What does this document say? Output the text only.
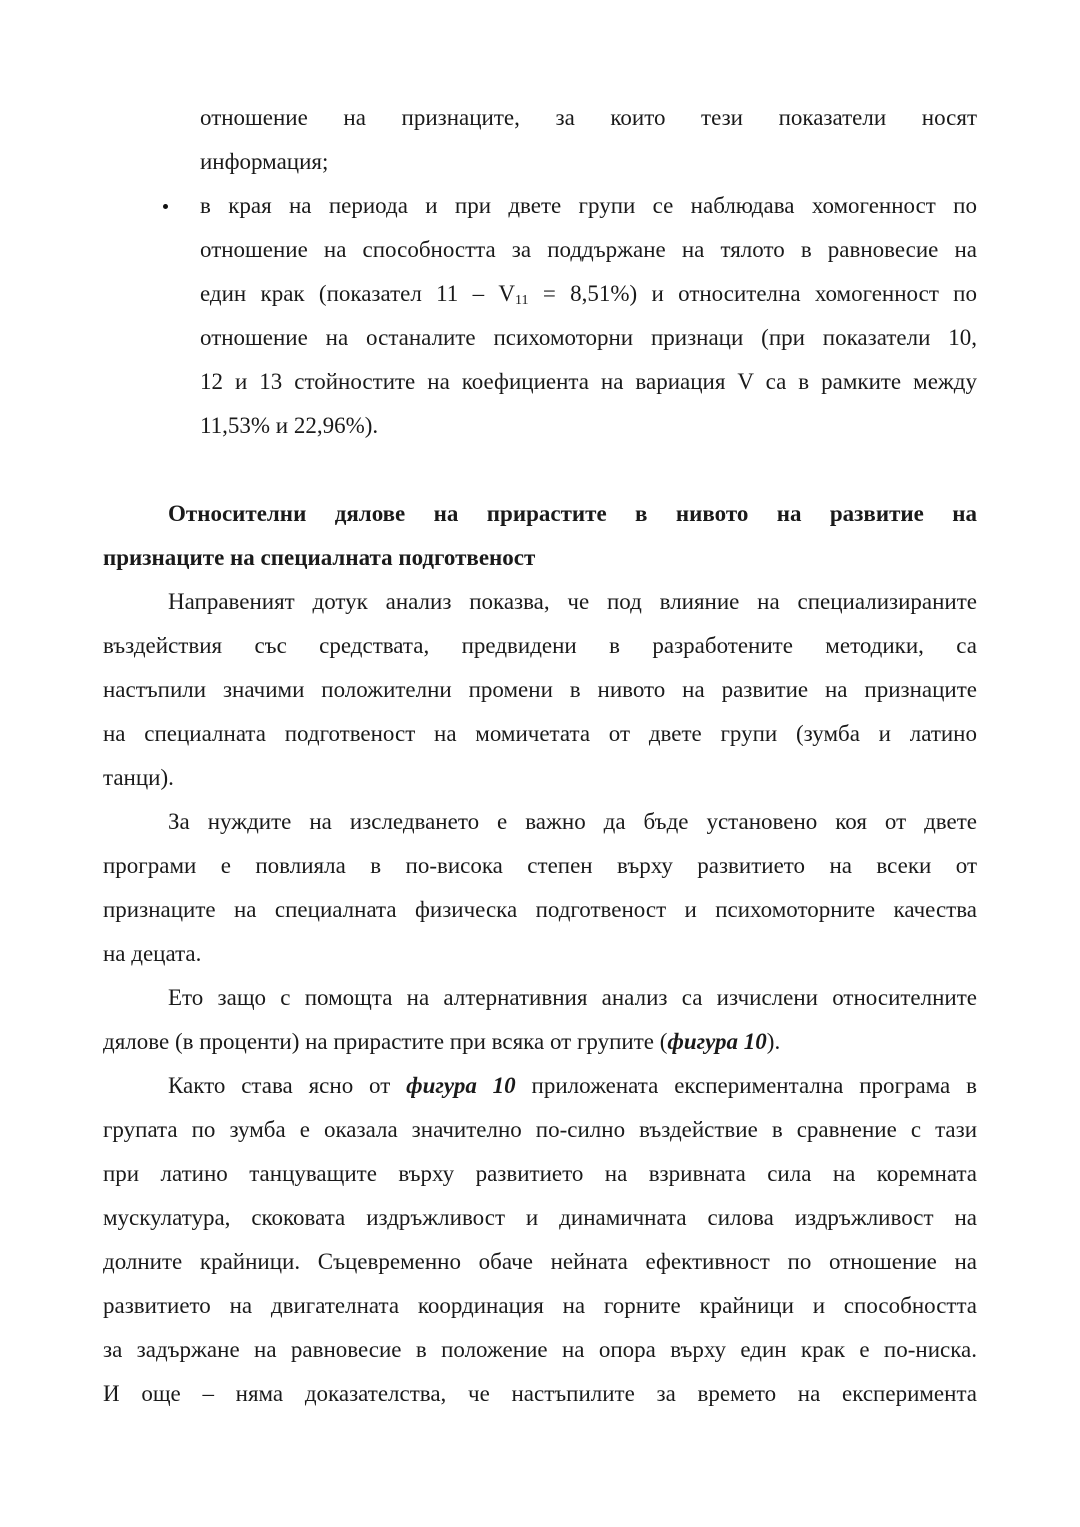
отношение на признаците, за които тези показатели носят
информация;
в края на периода и при двете групи се наблюдава хомогенност по
отношение на способността за поддържане на тялото в равновесие на
един крак (показател $11 - V_{11} = 8,51\%$) и относителна хомогенност по
отношение на останалите психомоторни признаци (при показатели 10,
12 и 13 стойностите на коефициента на вариация V са в рамките между
11,53% и 22,96%).
Относителни дялове на прирастите в нивото на развитие на
признаците на специалната подготвеност
Направеният дотук анализ показва, че под влияние на специализираните
въздействия със средствата, предвидени в разработените методики, са
настъпили значими положителни промени в нивото на развитие на признаците
на специалната подготвеност на момичетата от двете групи (зумба и латино
танци).
За нуждите на изследването е важно да бъде установено коя от двете
програми е повлияла в по-висока степен върху развитието на всеки от
признаците на специалната физическа подготвеност и психомоторните качества
на децата.
Ето защо с помощта на алтернативния анализ са изчислени относителните
дялове (в проценти) на прирастите при всяка от групите (фигура 10).
Както става ясно от фигура 10 приложената експериментална програма в
групата по зумба е оказала значително по-силно въздействие в сравнение с тази
при латино танцуващите върху развитието на взривната сила на коремната
мускулатура, скоковата издръжливост и динамичната силова издръжливост на
долните крайници. Съцевременно обаче нейната ефективност по отношение на
развитието на двигателната координация на горните крайници и способността
за задържане на равновесие в положение на опора върху един крак е по-ниска.
И още – няма доказателства, че настъпилите за времето на експеримента
